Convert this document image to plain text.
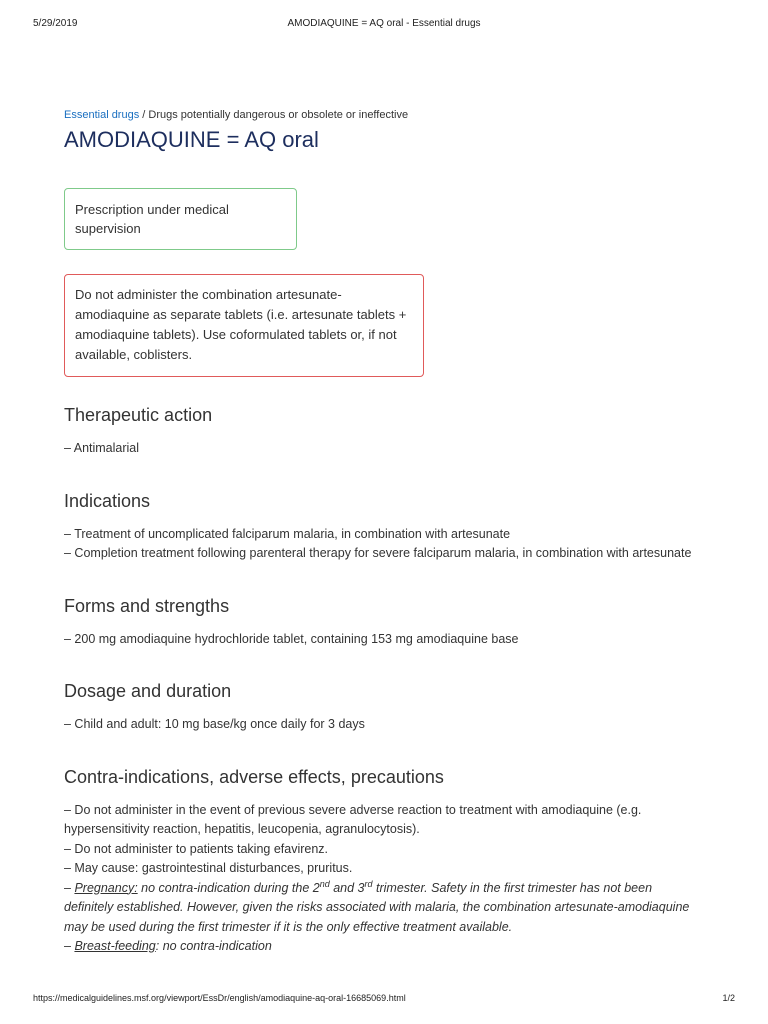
5/29/2019	AMODIAQUINE = AQ oral - Essential drugs
Essential drugs / Drugs potentially dangerous or obsolete or ineffective
AMODIAQUINE = AQ oral
Prescription under medical supervision
Do not administer the combination artesunate-amodiaquine as separate tablets (i.e. artesunate tablets + amodiaquine tablets). Use coformulated tablets or, if not available, coblisters.
Therapeutic action
– Antimalarial
Indications
– Treatment of uncomplicated falciparum malaria, in combination with artesunate
– Completion treatment following parenteral therapy for severe falciparum malaria, in combination with artesunate
Forms and strengths
– 200 mg amodiaquine hydrochloride tablet, containing 153 mg amodiaquine base
Dosage and duration
– Child and adult: 10 mg base/kg once daily for 3 days
Contra-indications, adverse effects, precautions
– Do not administer in the event of previous severe adverse reaction to treatment with amodiaquine (e.g. hypersensitivity reaction, hepatitis, leucopenia, agranulocytosis).
– Do not administer to patients taking efavirenz.
– May cause: gastrointestinal disturbances, pruritus.
– Pregnancy: no contra-indication during the 2nd and 3rd trimester. Safety in the first trimester has not been definitely established. However, given the risks associated with malaria, the combination artesunate-amodiaquine may be used during the first trimester if it is the only effective treatment available.
– Breast-feeding: no contra-indication
https://medicalguidelines.msf.org/viewport/EssDr/english/amodiaquine-aq-oral-16685069.html	1/2
